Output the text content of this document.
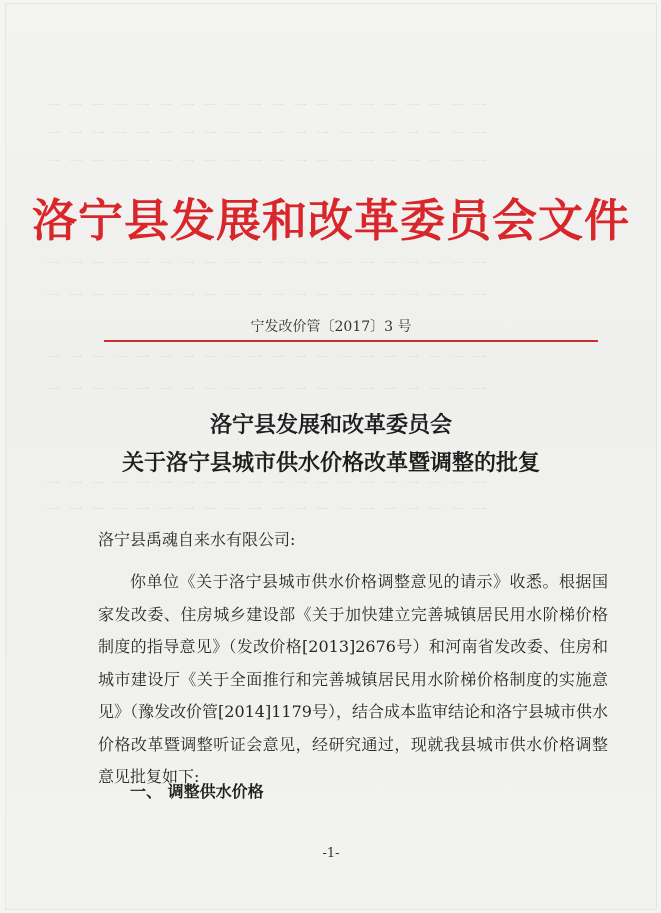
一 一 一 一 一 一 一 一 一 一 一 一 一 一 一 一 一 一 一 一
一 一 一 一 一 一 一 一 一 一 一 一 一 一 一 一 一 一 一 一
一 一 一 一 一 一 一 一 一 一 一 一 一 一 一 一 一 一 一 一
一 一 一 一 一 一 一 一 一 一 一 一 一 一 一 一 一 一 一 一
一 一 一 一 一 一 一 一 一 一 一 一 一 一 一 一 一 一 一 一
一 一 一 一 一 一 一 一 一 一 一 一 一 一 一 一 一 一 一 一
一 一 一 一 一 一 一 一 一 一 一 一 一 一 一 一 一 一 一 一
一 一 一 一 一 一 一 一 一 一 一 一 一 一 一 一 一 一 一 一
一 一 一 一 一 一 一 一 一 一 一 一 一 一 一 一 一 一 一 一
洛宁县发展和改革委员会文件
宁发改价管〔2017〕3 号
洛宁县发展和改革委员会
关于洛宁县城市供水价格改革暨调整的批复
洛宁县禹魂自来水有限公司:

你单位《关于洛宁县城市供水价格调整意见的请示》收悉。根据国家发改委、住房城乡建设部《关于加快建立完善城镇居民用水阶梯价格制度的指导意见》（发改价格[2013]2676号）和河南省发改委、住房和城市建设厅《关于全面推行和完善城镇居民用水阶梯价格制度的实施意见》（豫发改价管[2014]1179号），结合成本监审结论和洛宁县城市供水价格改革暨调整听证会意见，经研究通过，现就我县城市供水价格调整意见批复如下:

一、 调整供水价格
-1-
